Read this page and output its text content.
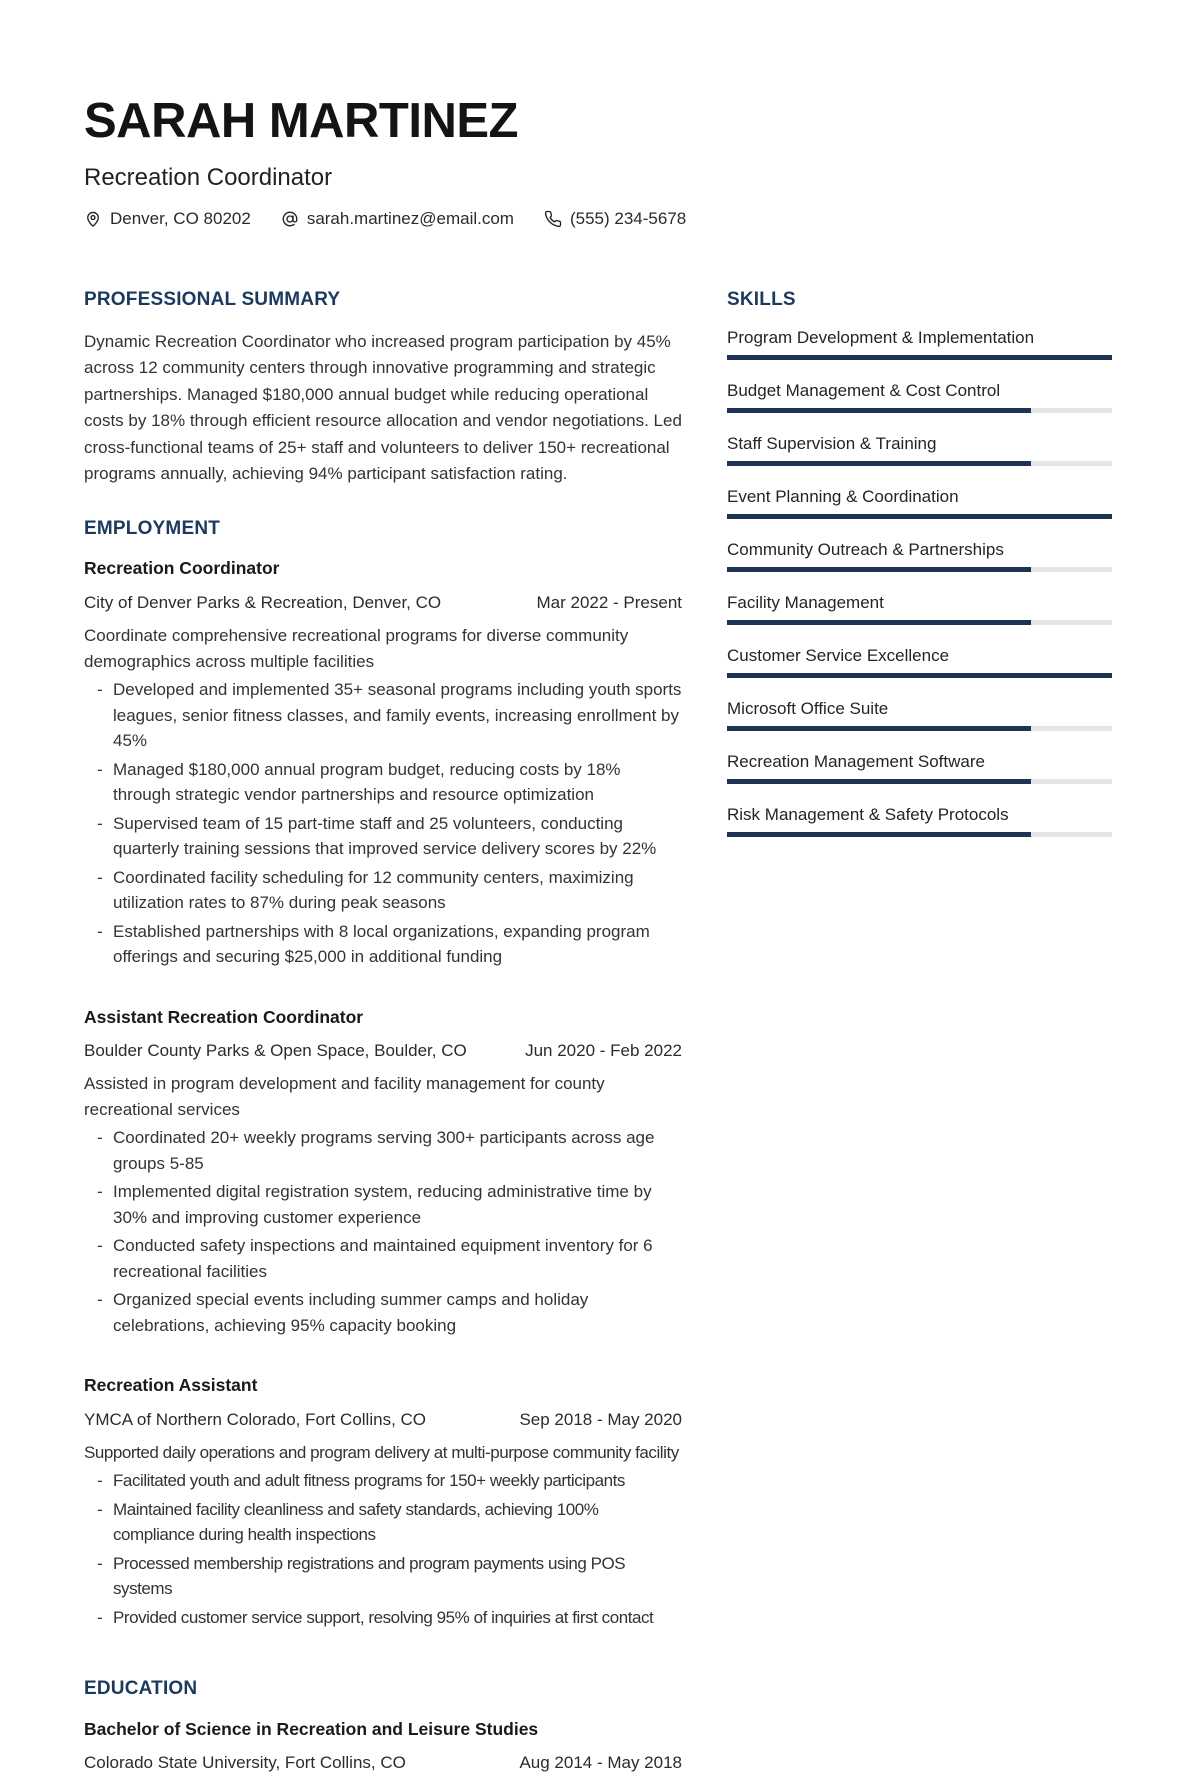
SARAH MARTINEZ
Recreation Coordinator
Denver, CO 80202	sarah.martinez@email.com	(555) 234-5678
PROFESSIONAL SUMMARY

Dynamic Recreation Coordinator who increased program participation by 45% across 12 community centers through innovative programming and strategic partnerships. Managed $180,000 annual budget while reducing operational costs by 18% through efficient resource allocation and vendor negotiations. Led cross-functional teams of 25+ staff and volunteers to deliver 150+ recreational programs annually, achieving 94% participant satisfaction rating.

EMPLOYMENT
Recreation Coordinator
City of Denver Parks & Recreation, Denver, CO	Mar 2022 - Present
Coordinate comprehensive recreational programs for diverse community demographics across multiple facilities
- Developed and implemented 35+ seasonal programs including youth sports leagues, senior fitness classes, and family events, increasing enrollment by 45%
- Managed $180,000 annual program budget, reducing costs by 18% through strategic vendor partnerships and resource optimization
- Supervised team of 15 part-time staff and 25 volunteers, conducting quarterly training sessions that improved service delivery scores by 22%
- Coordinated facility scheduling for 12 community centers, maximizing utilization rates to 87% during peak seasons
- Established partnerships with 8 local organizations, expanding program offerings and securing $25,000 in additional funding
Assistant Recreation Coordinator
Boulder County Parks & Open Space, Boulder, CO	Jun 2020 - Feb 2022
Assisted in program development and facility management for county recreational services
- Coordinated 20+ weekly programs serving 300+ participants across age groups 5-85
- Implemented digital registration system, reducing administrative time by 30% and improving customer experience
- Conducted safety inspections and maintained equipment inventory for 6 recreational facilities
- Organized special events including summer camps and holiday celebrations, achieving 95% capacity booking
Recreation Assistant
YMCA of Northern Colorado, Fort Collins, CO	Sep 2018 - May 2020
Supported daily operations and program delivery at multi-purpose community facility
- Facilitated youth and adult fitness programs for 150+ weekly participants
- Maintained facility cleanliness and safety standards, achieving 100% compliance during health inspections
- Processed membership registrations and program payments using POS systems
- Provided customer service support, resolving 95% of inquiries at first contact
EDUCATION
Bachelor of Science in Recreation and Leisure Studies
Colorado State University, Fort Collins, CO	Aug 2014 - May 2018
SKILLS
Program Development & Implementation
Budget Management & Cost Control
Staff Supervision & Training
Event Planning & Coordination
Community Outreach & Partnerships
Facility Management
Customer Service Excellence
Microsoft Office Suite
Recreation Management Software
Risk Management & Safety Protocols
